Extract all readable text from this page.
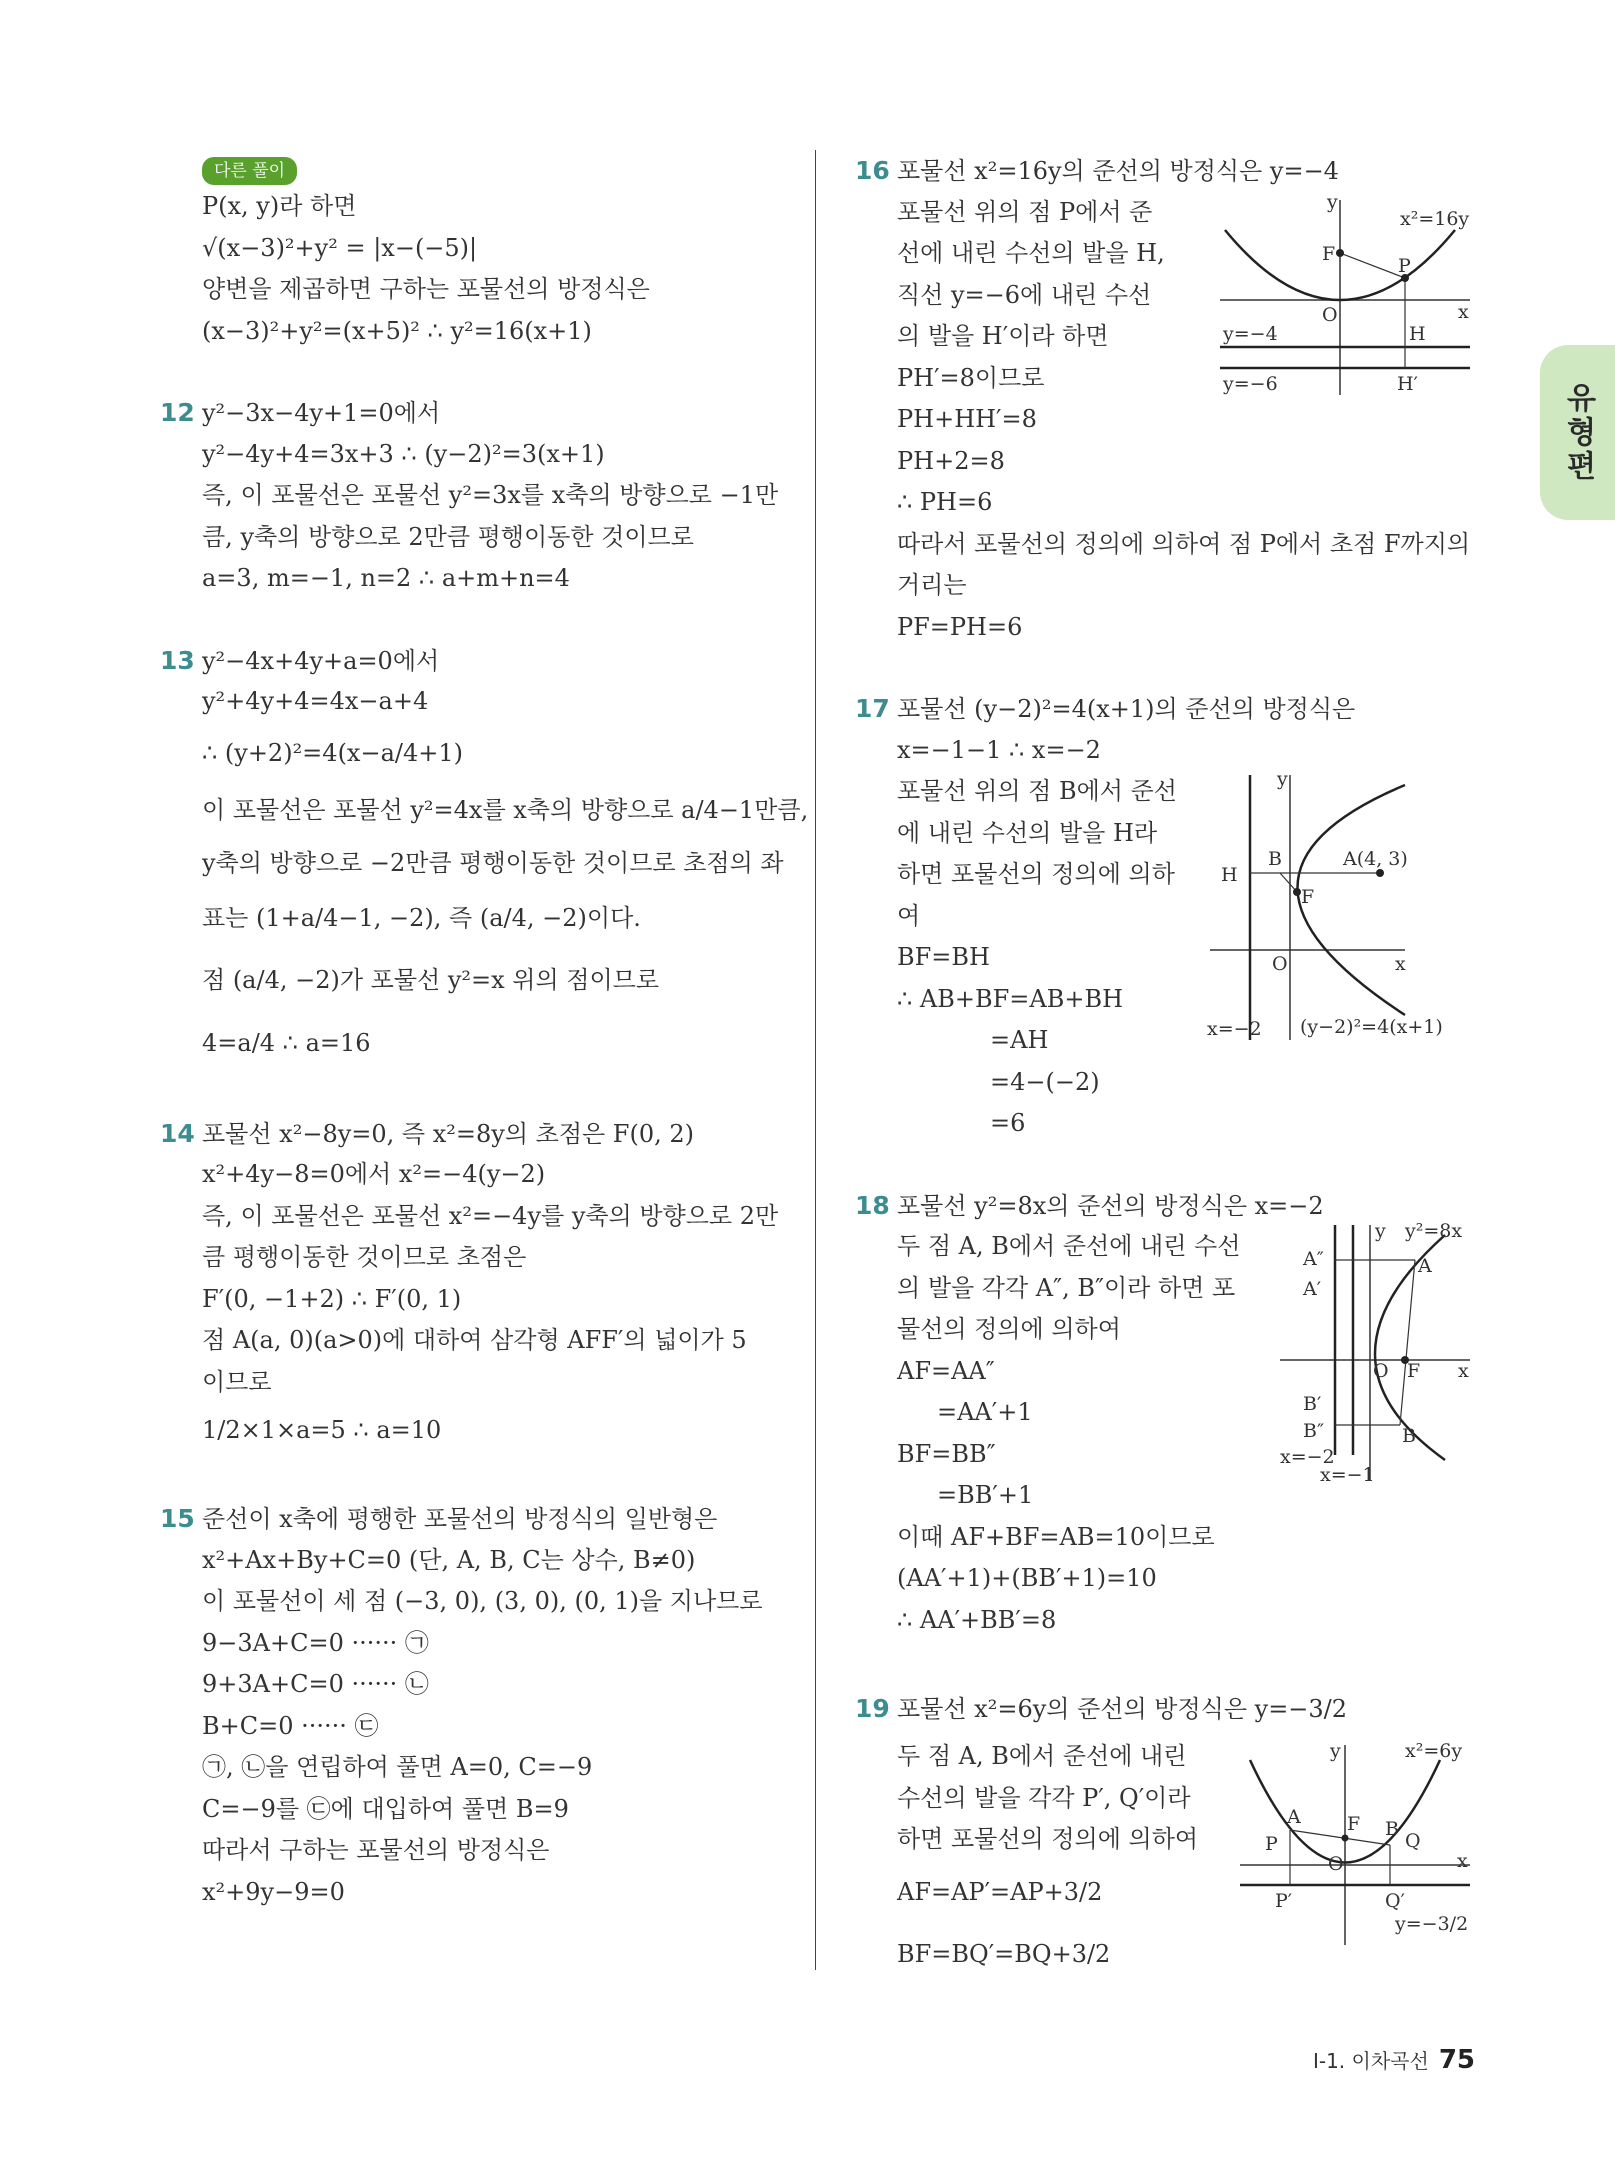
유형편
다른 풀이
P(x, y)라 하면
√(x−3)²+y² = |x−(−5)|
양변을 제곱하면 구하는 포물선의 방정식은
(x−3)²+y²=(x+5)² ∴ y²=16(x+1)
12 y²−3x−4y+1=0에서
y²−4y+4=3x+3 ∴ (y−2)²=3(x+1)
즉, 이 포물선은 포물선 y²=3x를 x축의 방향으로 −1만
큼, y축의 방향으로 2만큼 평행이동한 것이므로
a=3, m=−1, n=2 ∴ a+m+n=4
13 y²−4x+4y+a=0에서
y²+4y+4=4x−a+4
∴ (y+2)²=4(x−a/4+1)
이 포물선은 포물선 y²=4x를 x축의 방향으로 a/4−1만큼,
y축의 방향으로 −2만큼 평행이동한 것이므로 초점의 좌
표는 (1+a/4−1, −2), 즉 (a/4, −2)이다.
점 (a/4, −2)가 포물선 y²=x 위의 점이므로
4=a/4 ∴ a=16
14 포물선 x²−8y=0, 즉 x²=8y의 초점은 F(0, 2)
x²+4y−8=0에서 x²=−4(y−2)
즉, 이 포물선은 포물선 x²=−4y를 y축의 방향으로 2만
큼 평행이동한 것이므로 초점은
F′(0, −1+2) ∴ F′(0, 1)
점 A(a, 0)(a>0)에 대하여 삼각형 AFF′의 넓이가 5
이므로
1/2×1×a=5 ∴ a=10
15 준선이 x축에 평행한 포물선의 방정식의 일반형은
x²+Ax+By+C=0 (단, A, B, C는 상수, B≠0)
이 포물선이 세 점 (−3, 0), (3, 0), (0, 1)을 지나므로
9−3A+C=0 ······ ㉠
9+3A+C=0 ······ ㉡
B+C=0 ······ ㉢
㉠, ㉡을 연립하여 풀면 A=0, C=−9
C=−9를 ㉢에 대입하여 풀면 B=9
따라서 구하는 포물선의 방정식은
x²+9y−9=0
16 포물선 x²=16y의 준선의 방정식은 y=−4
포물선 위의 점 P에서 준
선에 내린 수선의 발을 H,
직선 y=−6에 내린 수선
의 발을 H′이라 하면
PH′=8이므로
PH+HH′=8
PH+2=8
∴ PH=6
따라서 포물선의 정의에 의하여 점 P에서 초점 F까지의
거리는
PF=PH=6
17 포물선 (y−2)²=4(x+1)의 준선의 방정식은
x=−1−1 ∴ x=−2
포물선 위의 점 B에서 준선
에 내린 수선의 발을 H라
하면 포물선의 정의에 의하
여
BF=BH
∴ AB+BF=AB+BH
=AH
=4−(−2)
=6
18 포물선 y²=8x의 준선의 방정식은 x=−2
두 점 A, B에서 준선에 내린 수선
의 발을 각각 A″, B″이라 하면 포
물선의 정의에 의하여
AF=AA″
=AA′+1
BF=BB″
=BB′+1
이때 AF+BF=AB=10이므로
(AA′+1)+(BB′+1)=10
∴ AA′+BB′=8
19 포물선 x²=6y의 준선의 방정식은 y=−3/2
두 점 A, B에서 준선에 내린
수선의 발을 각각 P′, Q′이라
하면 포물선의 정의에 의하여
AF=AP′=AP+3/2
BF=BQ′=BQ+3/2
y
x
x²=16y
F
P
O
H
H′
y=−4
y=−6
y
x
A(4, 3)
B
H
F
O
x=−2 (y−2)²=4(x+1)
y y²=8x
x
A
A″
A′
O F
B′
B″	B
x=−2
x=−1
y	x²=6y
x
A F B
Q
P
O
P′	Q′
y=−3/2
Ⅰ-1. 이차곡선 75
